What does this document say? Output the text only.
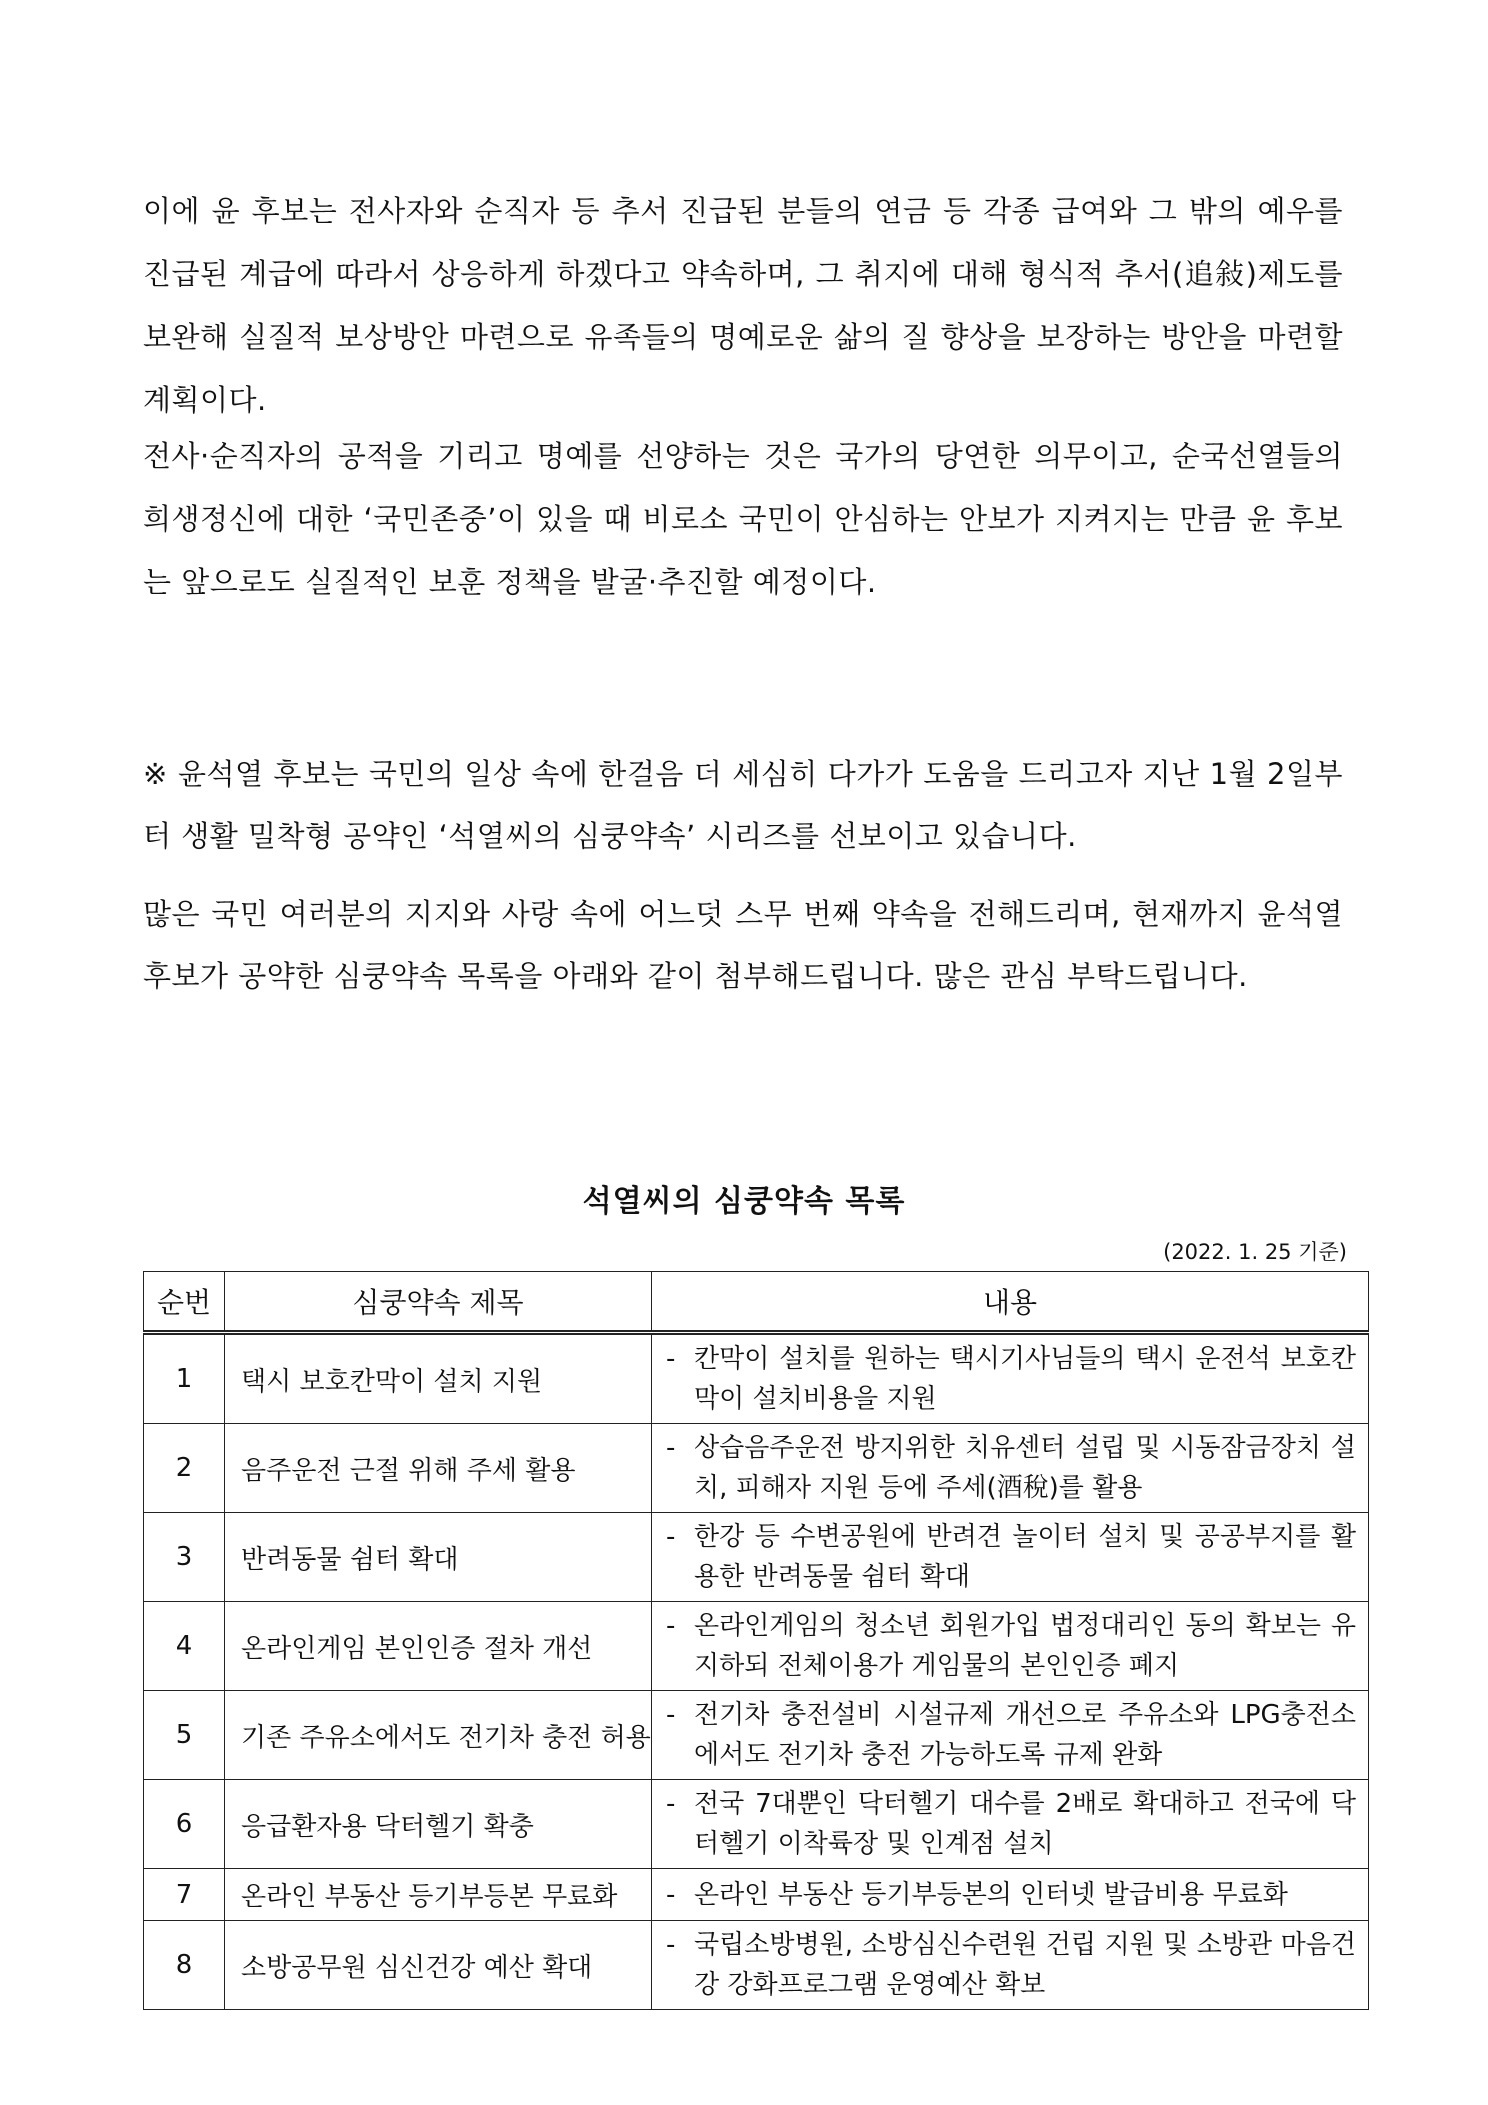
이에 윤 후보는 전사자와 순직자 등 추서 진급된 분들의 연금 등 각종 급여와 그 밖의 예우를 진급된 계급에 따라서 상응하게 하겠다고 약속하며, 그 취지에 대해 형식적 추서(追敍)제도를 보완해 실질적 보상방안 마련으로 유족들의 명예로운 삶의 질 향상을 보장하는 방안을 마련할 계획이다.

전사·순직자의 공적을 기리고 명예를 선양하는 것은 국가의 당연한 의무이고, 순국선열들의 희생정신에 대한 ‘국민존중’이 있을 때 비로소 국민이 안심하는 안보가 지켜지는 만큼 윤 후보는 앞으로도 실질적인 보훈 정책을 발굴·추진할 예정이다.

※ 윤석열 후보는 국민의 일상 속에 한걸음 더 세심히 다가가 도움을 드리고자 지난 1월 2일부터 생활 밀착형 공약인 ‘석열씨의 심쿵약속’ 시리즈를 선보이고 있습니다.

많은 국민 여러분의 지지와 사랑 속에 어느덧 스무 번째 약속을 전해드리며, 현재까지 윤석열 후보가 공약한 심쿵약속 목록을 아래와 같이 첨부해드립니다. 많은 관심 부탁드립니다.

석열씨의 심쿵약속 목록

(2022. 1. 25 기준)

순번	심쿵약속 제목	내용
1	택시 보호칸막이 설치 지원	- 칸막이 설치를 원하는 택시기사님들의 택시 운전석 보호칸막이 설치비용을 지원

2	음주운전 근절 위해 주세 활용	- 상습음주운전 방지위한 치유센터 설립 및 시동잠금장치 설치, 피해자 지원 등에 주세(酒稅)를 활용

3	반려동물 쉼터 확대	- 한강 등 수변공원에 반려견 놀이터 설치 및 공공부지를 활용한 반려동물 쉼터 확대

4	온라인게임 본인인증 절차 개선	- 온라인게임의 청소년 회원가입 법정대리인 동의 확보는 유지하되 전체이용가 게임물의 본인인증 폐지

5	기존 주유소에서도 전기차 충전 허용	- 전기차 충전설비 시설규제 개선으로 주유소와 LPG충전소에서도 전기차 충전 가능하도록 규제 완화

6	응급환자용 닥터헬기 확충	- 전국 7대뿐인 닥터헬기 대수를 2배로 확대하고 전국에 닥터헬기 이착륙장 및 인계점 설치

7	온라인 부동산 등기부등본 무료화	- 온라인 부동산 등기부등본의 인터넷 발급비용 무료화

8	소방공무원 심신건강 예산 확대	- 국립소방병원, 소방심신수련원 건립 지원 및 소방관 마음건강 강화프로그램 운영예산 확보
